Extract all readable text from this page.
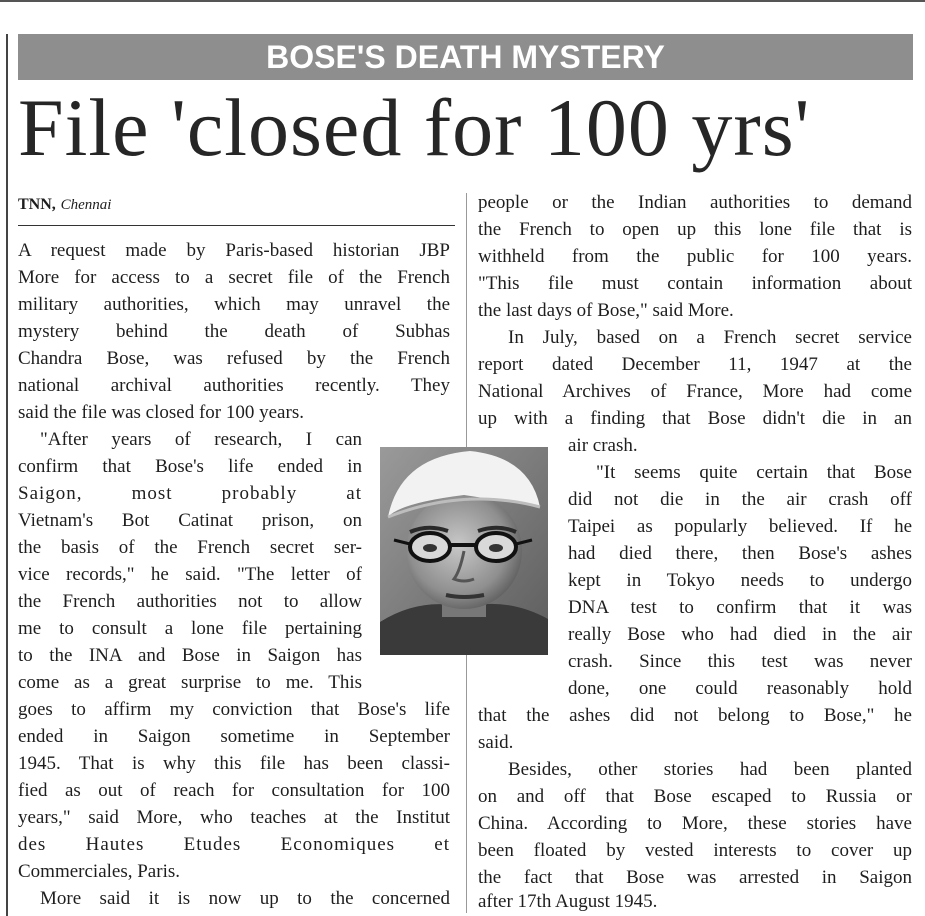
BOSE'S DEATH MYSTERY
File 'closed for 100 yrs'
TNN, Chennai
A request made by Paris-based historian JBP
More for access to a secret file of the French
military authorities, which may unravel the
mystery behind the death of Subhas
Chandra Bose, was refused by the French
national archival authorities recently. They
said the file was closed for 100 years.
"After years of research, I can
confirm that Bose's life ended in
Saigon, most probably at
Vietnam's Bot Catinat prison, on
the basis of the French secret ser-
vice records," he said. "The letter of
the French authorities not to allow
me to consult a lone file pertaining
to the INA and Bose in Saigon has
come as a great surprise to me. This
goes to affirm my conviction that Bose's life
ended in Saigon sometime in September
1945. That is why this file has been classi-
fied as out of reach for consultation for 100
years," said More, who teaches at the Institut
des Hautes Etudes Economiques et
Commerciales, Paris.
More said it is now up to the concerned
people or the Indian authorities to demand
the French to open up this lone file that is
withheld from the public for 100 years.
"This file must contain information about
the last days of Bose," said More.
In July, based on a French secret service
report dated December 11, 1947 at the
National Archives of France, More had come
up with a finding that Bose didn't die in an
air crash.
"It seems quite certain that Bose
did not die in the air crash off
Taipei as popularly believed. If he
had died there, then Bose's ashes
kept in Tokyo needs to undergo
DNA test to confirm that it was
really Bose who had died in the air
crash. Since this test was never
done, one could reasonably hold
that the ashes did not belong to Bose," he
said.
Besides, other stories had been planted
on and off that Bose escaped to Russia or
China. According to More, these stories have
been floated by vested interests to cover up
the fact that Bose was arrested in Saigon
after 17th August 1945.
